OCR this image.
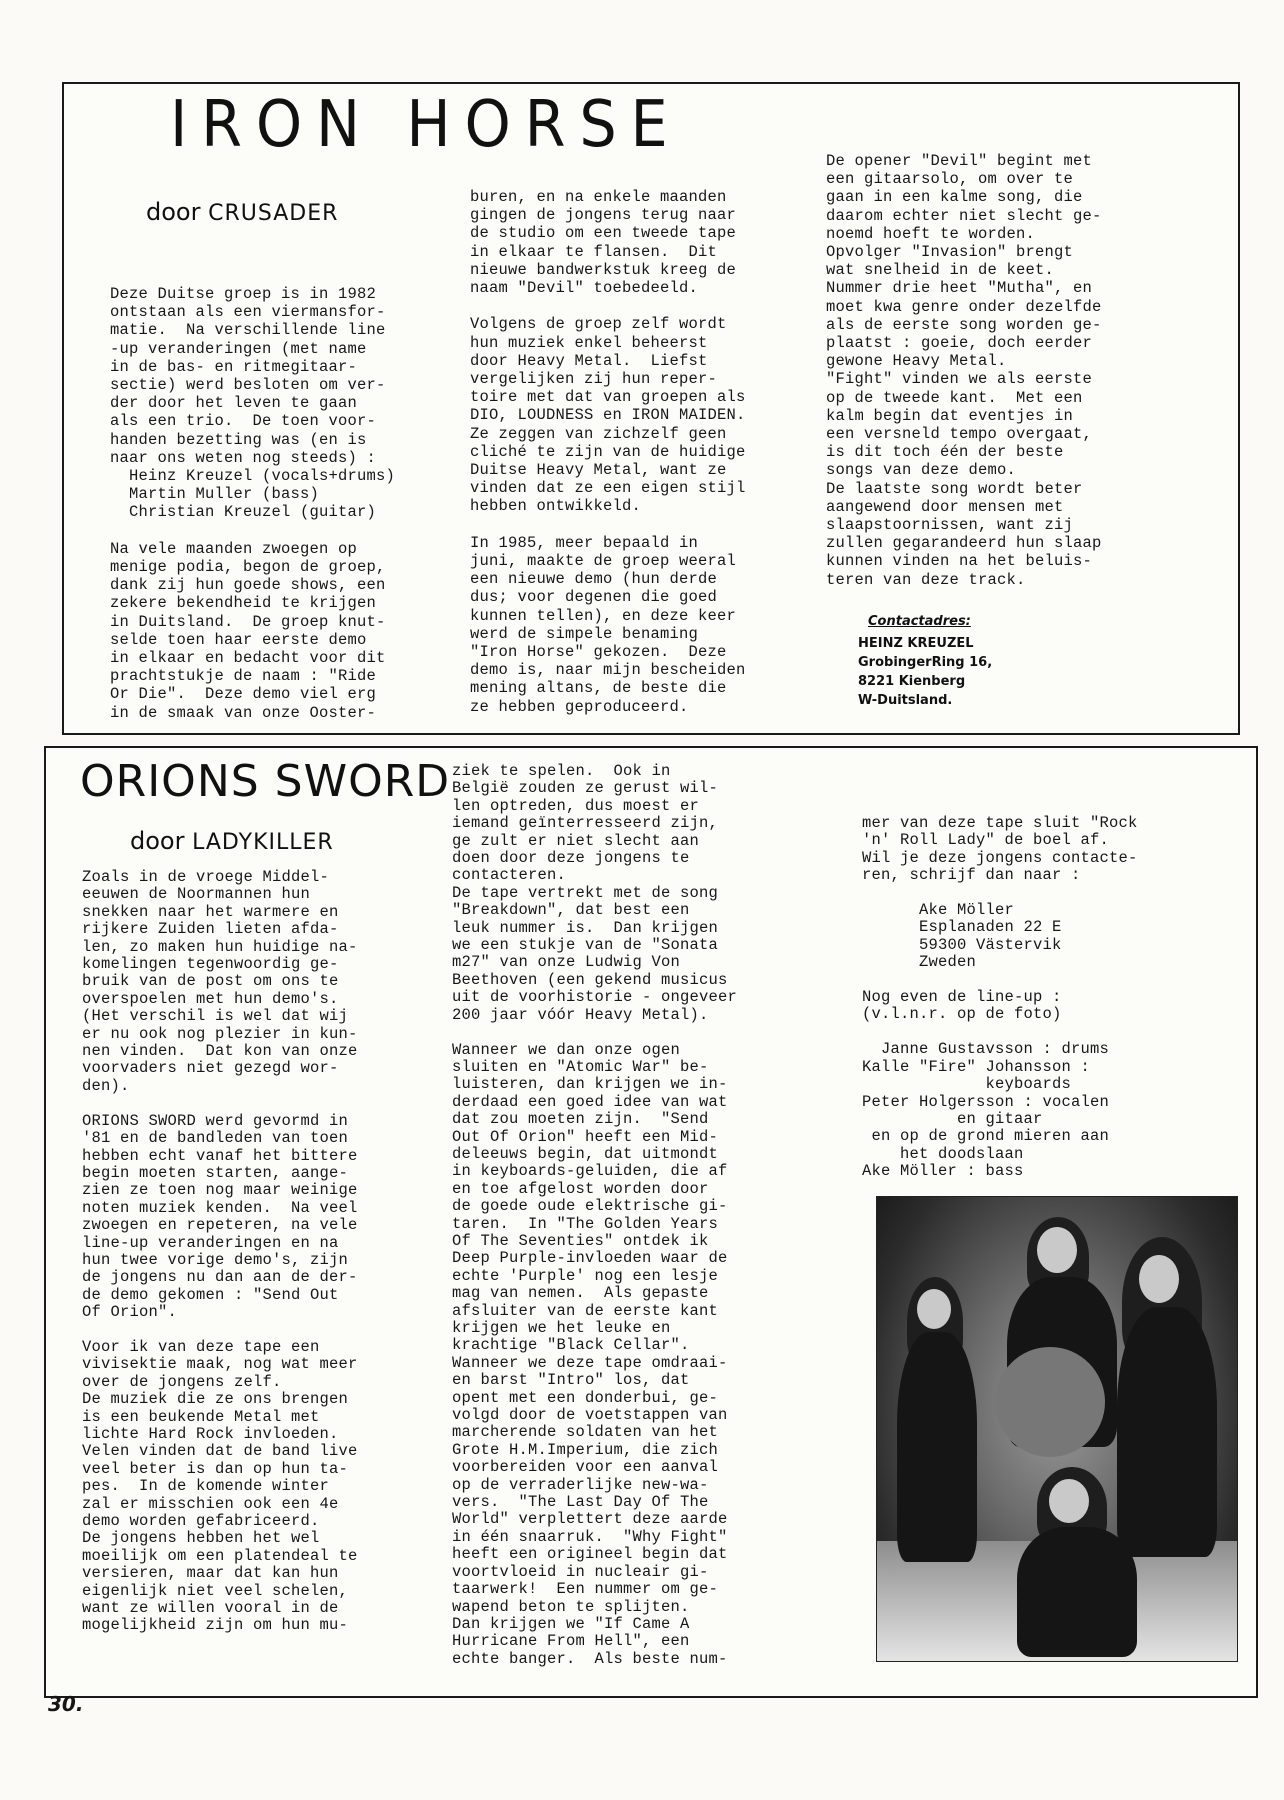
IRON HORSE

door CRUSADER

Deze Duitse groep is in 1982
ontstaan als een viermansfor-
matie.  Na verschillende line
-up veranderingen (met name
in de bas- en ritmegitaar-
sectie) werd besloten om ver-
der door het leven te gaan
als een trio.  De toen voor-
handen bezetting was (en is
naar ons weten nog steeds) :
Heinz Kreuzel (vocals+drums)
Martin Muller (bass)
Christian Kreuzel (guitar)

Na vele maanden zwoegen op
menige podia, begon de groep,
dank zij hun goede shows, een
zekere bekendheid te krijgen
in Duitsland.  De groep knut-
selde toen haar eerste demo
in elkaar en bedacht voor dit
prachtstukje de naam : "Ride
Or Die".  Deze demo viel erg
in de smaak van onze Ooster-
buren, en na enkele maanden
gingen de jongens terug naar
de studio om een tweede tape
in elkaar te flansen.  Dit
nieuwe bandwerkstuk kreeg de
naam "Devil" toebedeeld.

Volgens de groep zelf wordt
hun muziek enkel beheerst
door Heavy Metal.  Liefst
vergelijken zij hun reper-
toire met dat van groepen als
DIO, LOUDNESS en IRON MAIDEN.
Ze zeggen van zichzelf geen
cliché te zijn van de huidige
Duitse Heavy Metal, want ze
vinden dat ze een eigen stijl
hebben ontwikkeld.

In 1985, meer bepaald in
juni, maakte de groep weeral
een nieuwe demo (hun derde
dus; voor degenen die goed
kunnen tellen), en deze keer
werd de simpele benaming
"Iron Horse" gekozen.  Deze
demo is, naar mijn bescheiden
mening altans, de beste die
ze hebben geproduceerd.
De opener "Devil" begint met
een gitaarsolo, om over te
gaan in een kalme song, die
daarom echter niet slecht ge-
noemd hoeft te worden.
Opvolger "Invasion" brengt
wat snelheid in de keet.
Nummer drie heet "Mutha", en
moet kwa genre onder dezelfde
als de eerste song worden ge-
plaatst : goeie, doch eerder
gewone Heavy Metal.
"Fight" vinden we als eerste
op de tweede kant.  Met een
kalm begin dat eventjes in
een versneld tempo overgaat,
is dit toch één der beste
songs van deze demo.
De laatste song wordt beter
aangewend door mensen met
slaapstoornissen, want zij
zullen gegarandeerd hun slaap
kunnen vinden na het beluis-
teren van deze track.

Contactadres:

HEINZ KREUZEL
GrobingerRing 16,
8221 Kienberg
W-Duitsland.
ORIONS SWORD

door LADYKILLER

Zoals in de vroege Middel-
eeuwen de Noormannen hun
snekken naar het warmere en
rijkere Zuiden lieten afda-
len, zo maken hun huidige na-
komelingen tegenwoordig ge-
bruik van de post om ons te
overspoelen met hun demo's.
(Het verschil is wel dat wij
er nu ook nog plezier in kun-
nen vinden.  Dat kon van onze
voorvaders niet gezegd wor-
den).

ORIONS SWORD werd gevormd in
'81 en de bandleden van toen
hebben echt vanaf het bittere
begin moeten starten, aange-
zien ze toen nog maar weinige
noten muziek kenden.  Na veel
zwoegen en repeteren, na vele
line-up veranderingen en na
hun twee vorige demo's, zijn
de jongens nu dan aan de der-
de demo gekomen : "Send Out
Of Orion".

Voor ik van deze tape een
vivisektie maak, nog wat meer
over de jongens zelf.
De muziek die ze ons brengen
is een beukende Metal met
lichte Hard Rock invloeden.
Velen vinden dat de band live
veel beter is dan op hun ta-
pes.  In de komende winter
zal er misschien ook een 4e
demo worden gefabriceerd.
De jongens hebben het wel
moeilijk om een platendeal te
versieren, maar dat kan hun
eigenlijk niet veel schelen,
want ze willen vooral in de
mogelijkheid zijn om hun mu-
ziek te spelen.  Ook in
België zouden ze gerust wil-
len optreden, dus moest er
iemand geïnterresseerd zijn,
ge zult er niet slecht aan
doen door deze jongens te
contacteren.
De tape vertrekt met de song
"Breakdown", dat best een
leuk nummer is.  Dan krijgen
we een stukje van de "Sonata
m27" van onze Ludwig Von
Beethoven (een gekend musicus
uit de voorhistorie - ongeveer
200 jaar vóór Heavy Metal).

Wanneer we dan onze ogen
sluiten en "Atomic War" be-
luisteren, dan krijgen we in-
derdaad een goed idee van wat
dat zou moeten zijn.  "Send
Out Of Orion" heeft een Mid-
deleeuws begin, dat uitmondt
in keyboards-geluiden, die af
en toe afgelost worden door
de goede oude elektrische gi-
taren.  In "The Golden Years
Of The Seventies" ontdek ik
Deep Purple-invloeden waar de
echte 'Purple' nog een lesje
mag van nemen.  Als gepaste
afsluiter van de eerste kant
krijgen we het leuke en
krachtige "Black Cellar".
Wanneer we deze tape omdraai-
en barst "Intro" los, dat
opent met een donderbui, ge-
volgd door de voetstappen van
marcherende soldaten van het
Grote H.M.Imperium, die zich
voorbereiden voor een aanval
op de verraderlijke new-wa-
vers.  "The Last Day Of The
World" verplettert deze aarde
in één snaarruk.  "Why Fight"
heeft een origineel begin dat
voortvloeid in nucleair gi-
taarwerk!  Een nummer om ge-
wapend beton te splijten.
Dan krijgen we "If Came A
Hurricane From Hell", een
echte banger.  Als beste num-
mer van deze tape sluit "Rock
'n' Roll Lady" de boel af.
Wil je deze jongens contacte-
ren, schrijf dan naar :

Ake Möller
Esplanaden 22 E
59300 Västervik
Zweden

Nog even de line-up :
(v.l.n.r. op de foto)

Janne Gustavsson : drums
Kalle "Fire" Johansson :
keyboards
Peter Holgersson : vocalen
en gitaar
en op de grond mieren aan
het doodslaan
Ake Möller : bass

30.
